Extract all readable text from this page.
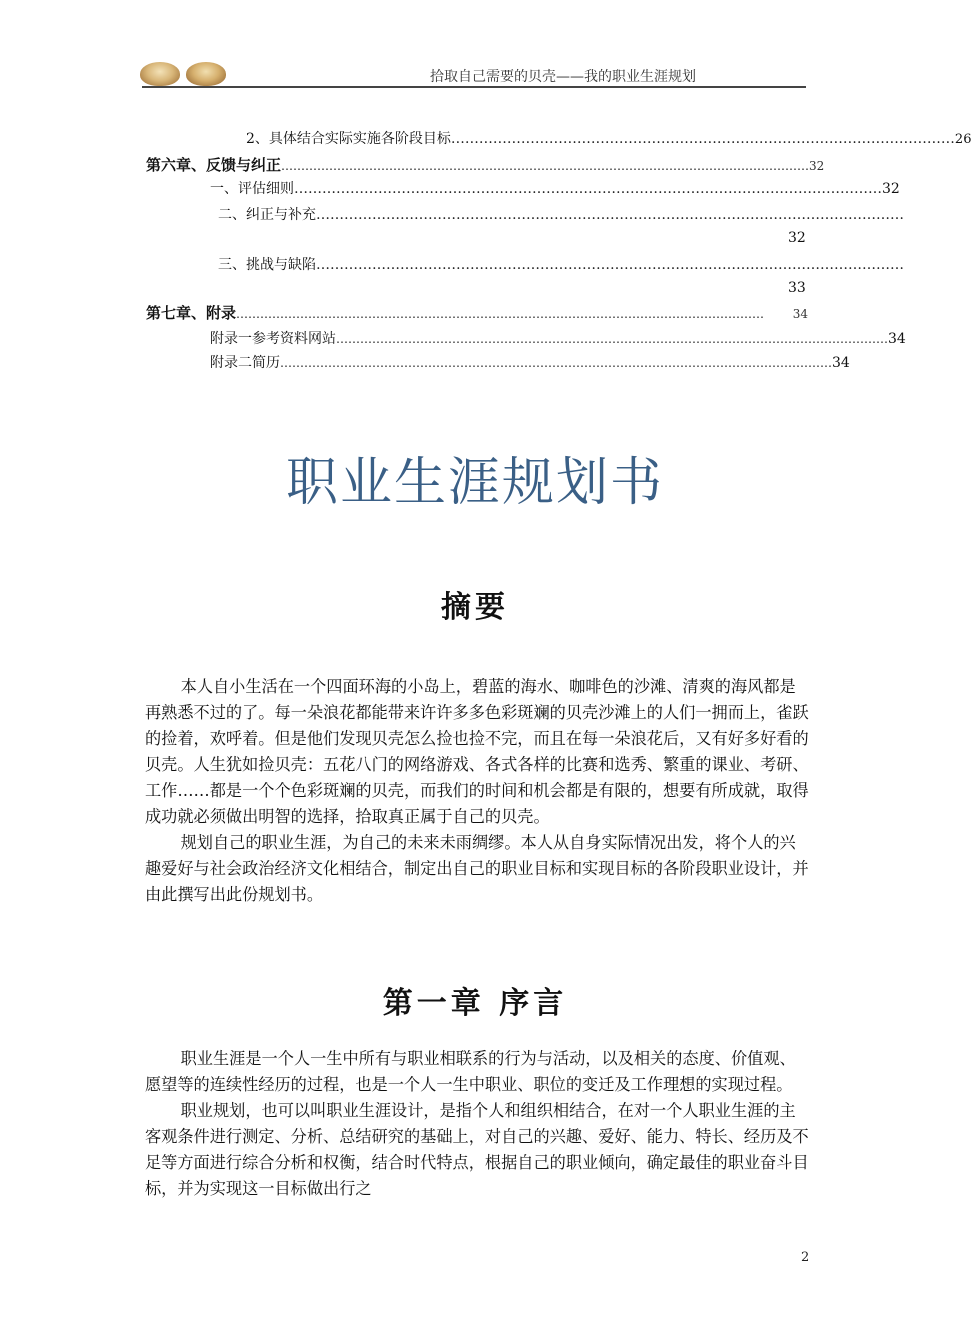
拾取自己需要的贝壳——我的职业生涯规划
2、具体结合实际实施各阶段目标 ……………………………………………………………………………………………… 26
第六章、反馈与纠正 …………………………………………………………………………………………………………………… 32
一、评估细则 ……………………………………………………………………………………………………………… 32
二、纠正与补充 ………………………………………………………………………………………………………………
32
三、挑战与缺陷 ………………………………………………………………………………………………………………
33
第七章、附录 ……………………………………………………………………………………………………………………	34
附录一参考资料网站 ………………………………………………………………………………………………………………………… 34
附录二简历 ………………………………………………………………………………………………………………………… 34
职业生涯规划书
摘要

本人自小生活在一个四面环海的小岛上，碧蓝的海水、咖啡色的沙滩、清爽的海风都是再熟悉不过的了。每一朵浪花都能带来许许多多色彩斑斓的贝壳沙滩上的人们一拥而上，雀跃的捡着，欢呼着。但是他们发现贝壳怎么捡也捡不完，而且在每一朵浪花后，又有好多好看的贝壳。人生犹如捡贝壳：五花八门的网络游戏、各式各样的比赛和选秀、繁重的课业、考研、工作……都是一个个色彩斑斓的贝壳，而我们的时间和机会都是有限的，想要有所成就，取得成功就必须做出明智的选择，拾取真正属于自己的贝壳。

规划自己的职业生涯，为自己的未来未雨绸缪。本人从自身实际情况出发，将个人的兴趣爱好与社会政治经济文化相结合，制定出自己的职业目标和实现目标的各阶段职业设计，并由此撰写出此份规划书。

第一章 序言

职业生涯是一个人一生中所有与职业相联系的行为与活动，以及相关的态度、价值观、愿望等的连续性经历的过程，也是一个人一生中职业、职位的变迁及工作理想的实现过程。

职业规划，也可以叫职业生涯设计，是指个人和组织相结合，在对一个人职业生涯的主客观条件进行测定、分析、总结研究的基础上，对自己的兴趣、爱好、能力、特长、经历及不足等方面进行综合分析和权衡，结合时代特点，根据自己的职业倾向，确定最佳的职业奋斗目标，并为实现这一目标做出行之

2
